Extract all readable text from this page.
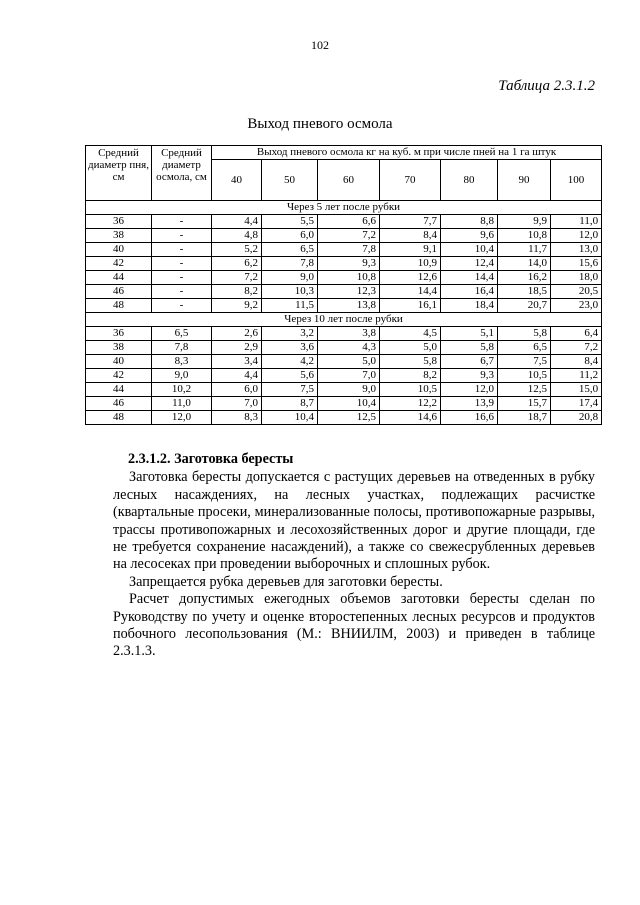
102
Таблица 2.3.1.2
Выход пневого осмола
Средний диаметр пня, см	Средний диаметр осмола, см	Выход пневого осмола кг на куб. м при числе пней на 1 га штук						
		40	50	60	70	80	90	100
Через 5 лет после рубки								
36	-	4,4	5,5	6,6	7,7	8,8	9,9	11,0
38	-	4,8	6,0	7,2	8,4	9,6	10,8	12,0
40	-	5,2	6,5	7,8	9,1	10,4	11,7	13,0
42	-	6,2	7,8	9,3	10,9	12,4	14,0	15,6
44	-	7,2	9,0	10,8	12,6	14,4	16,2	18,0
46	-	8,2	10,3	12,3	14,4	16,4	18,5	20,5
48	-	9,2	11,5	13,8	16,1	18,4	20,7	23,0
Через 10 лет после рубки								
36	6,5	2,6	3,2	3,8	4,5	5,1	5,8	6,4
38	7,8	2,9	3,6	4,3	5,0	5,8	6,5	7,2
40	8,3	3,4	4,2	5,0	5,8	6,7	7,5	8,4
42	9,0	4,4	5,6	7,0	8,2	9,3	10,5	11,2
44	10,2	6,0	7,5	9,0	10,5	12,0	12,5	15,0
46	11,0	7,0	8,7	10,4	12,2	13,9	15,7	17,4
48	12,0	8,3	10,4	12,5	14,6	16,6	18,7	20,8
2.3.1.2. Заготовка бересты

Заготовка бересты допускается с растущих деревьев на отведенных в рубку лесных насаждениях, на лесных участках, подлежащих расчистке (квартальные просеки, минерализованные полосы, противопожарные разрывы, трассы противопожарных и лесохозяйственных дорог и другие площади, где не требуется сохранение насаждений), а также со свежесрубленных деревьев на лесосеках при проведении выборочных и сплошных рубок.

Запрещается рубка деревьев для заготовки бересты.

Расчет допустимых ежегодных объемов заготовки бересты сделан по Руководству по учету и оценке второстепенных лесных ресурсов и продуктов побочного лесопользования (М.: ВНИИЛМ, 2003) и приведен в таблице 2.3.1.3.
